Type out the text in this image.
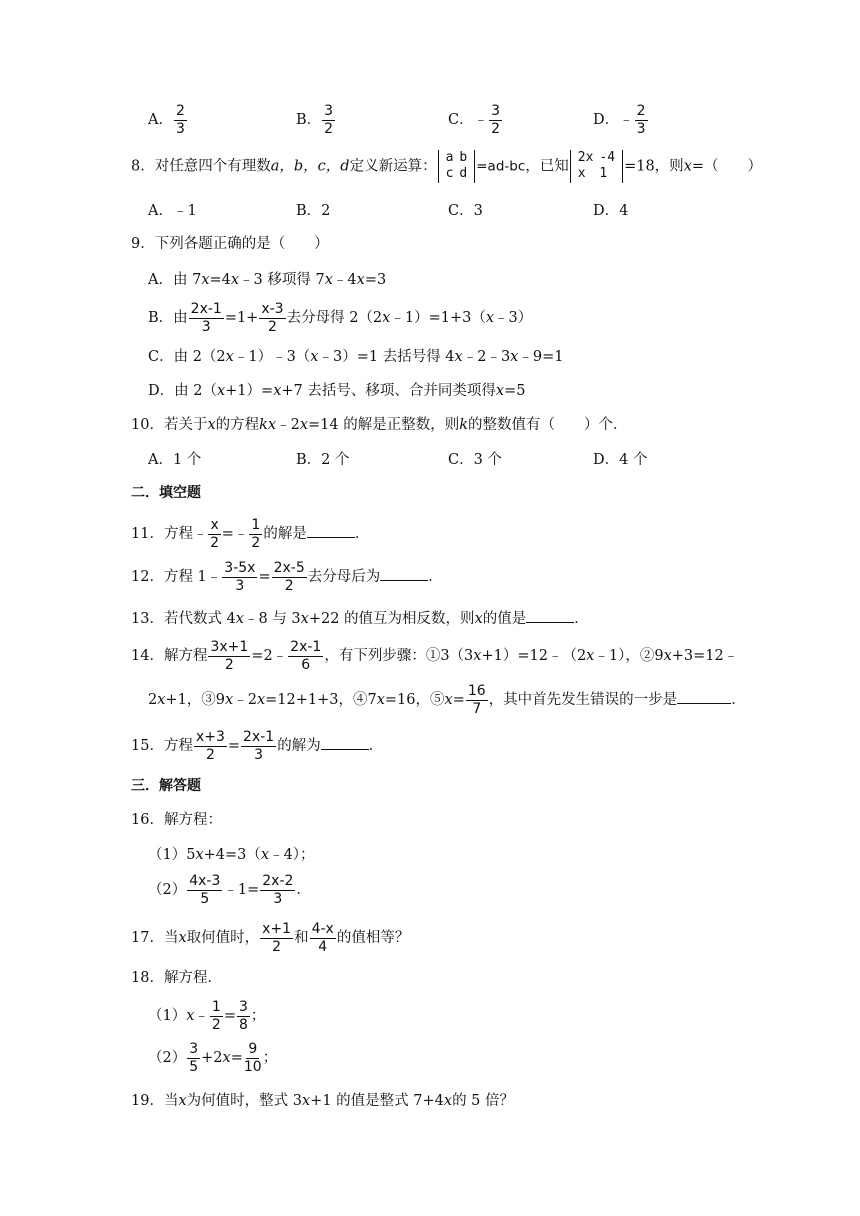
A． $\frac{2}{3}$	B． $\frac{3}{2}$	C．﹣ $\frac{3}{2}$	D．﹣ $\frac{2}{3}$
8．对任意四个有理数a，b，c，d定义新运算：
a	b
c	d =ad-bc，已知
2x	-4
x	1 =18，则x=（　　）
A．﹣1	B．2	C．3	D．4
9．下列各题正确的是（　　）
A．由 7x=4x﹣3 移项得 7x﹣4x=3
B．由 $\frac{2x-1}{3} =1+ \frac{x-3}{2}$ 去分母得 2（2x﹣1）=1+3（x﹣3）
C．由 2（2x﹣1）﹣3（x﹣3）=1 去括号得 4x﹣2﹣3x﹣9=1
D．由 2（x+1）=x+7 去括号、移项、合并同类项得x=5
10．若关于x的方程kx﹣2x=14 的解是正整数，则k的整数值有（　　）个．
A．1 个	B．2 个	C．3 个	D．4 个
二．填空题
11．方程﹣ $\frac{x}{2}$ =﹣ $\frac{1}{2}$ 的解是	．
12．方程 1﹣ $\frac{3-5x}{3} = \frac{2x-5}{2}$ 去分母后为	．
13．若代数式 4x﹣8 与 3x+22 的值互为相反数，则x的值是	．
14．解方程 $\frac{3x+1}{2}$ =2﹣ $\frac{2x-1}{6}$ ，有下列步骤：①3（3x+1）=12﹣（2x﹣1），②9x+3=12﹣
2x+1，③9x﹣2x=12+1+3，④7x=16，⑤x= $\frac{16}{7}$ ，其中首先发生错误的一步是	．
15．方程 $\frac{x+3}{2} = \frac{2x-1}{3}$ 的解为	．
三．解答题
16．解方程：
（1）5x+4=3（x﹣4）；
$(2) \frac{4x-3}{5}$ ﹣1= $\frac{2x-2}{3}$ ．
17．当x取何值时， $\frac{x+1}{2}$ 和 $\frac{4-x}{4}$ 的值相等？
18．解方程．
（1）x﹣ $\frac{1}{2} = \frac{3}{8}$ ；
$(2) \frac{3}{5} +2x= \frac{9}{10}$ ；
19．当x为何值时，整式 3x+1 的值是整式 7+4x的 5 倍？
